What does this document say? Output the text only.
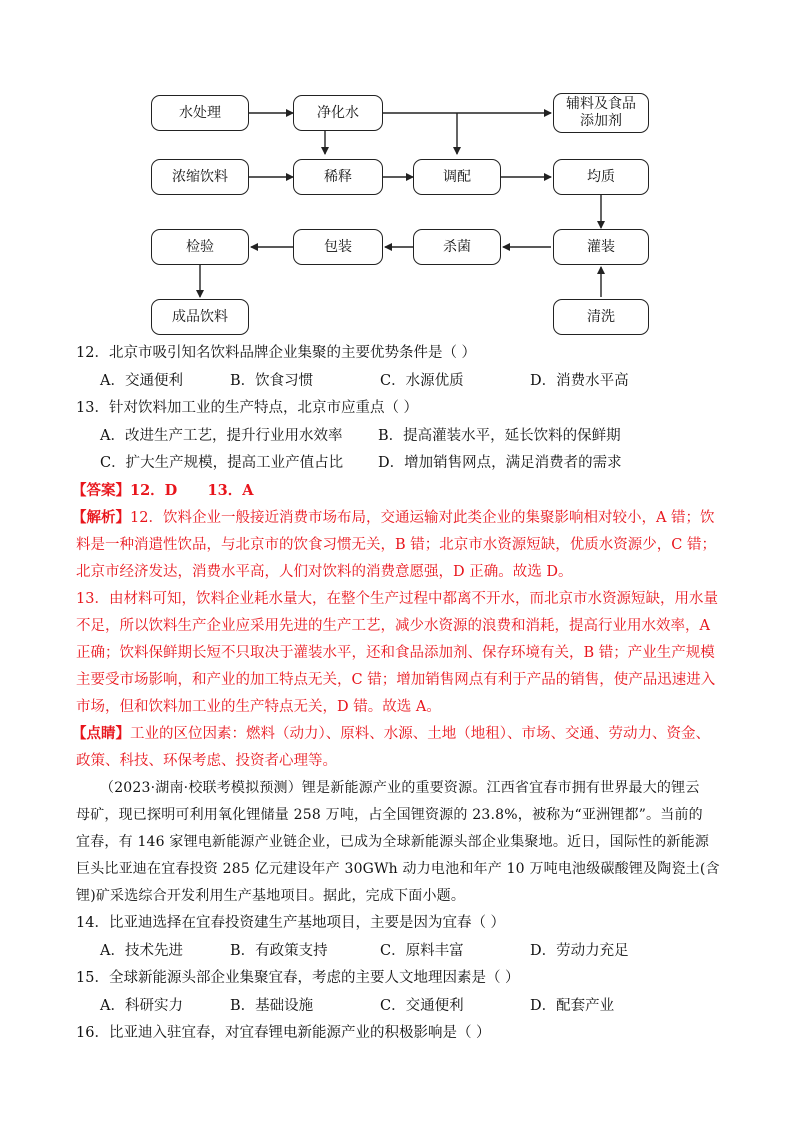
水处理	净化水
辅料及食品
添加剂
浓缩饮料	稀释	调配	均质
检验	包装	杀菌	灌装
成品饮料	清洗
12．北京市吸引知名饮料品牌企业集聚的主要优势条件是（ ）
A．交通便利	B．饮食习惯	C．水源优质	D．消费水平高
13．针对饮料加工业的生产特点，北京市应重点（ ）
A．改进生产工艺，提升行业用水效率	B．提高灌装水平，延长饮料的保鲜期
C．扩大生产规模，提高工业产值占比	D．增加销售网点，满足消费者的需求
【答案】12．D      13．A
【解析】12．饮料企业一般接近消费市场布局，交通运输对此类企业的集聚影响相对较小，A 错；饮
料是一种消遣性饮品，与北京市的饮食习惯无关，B 错；北京市水资源短缺，优质水资源少，C 错；
北京市经济发达，消费水平高，人们对饮料的消费意愿强，D 正确。故选 D。
13．由材料可知，饮料企业耗水量大，在整个生产过程中都离不开水，而北京市水资源短缺，用水量
不足，所以饮料生产企业应采用先进的生产工艺，减少水资源的浪费和消耗，提高行业用水效率，A
正确；饮料保鲜期长短不只取决于灌装水平，还和食品添加剂、保存环境有关，B 错；产业生产规模
主要受市场影响，和产业的加工特点无关，C 错；增加销售网点有利于产品的销售，使产品迅速进入
市场，但和饮料加工业的生产特点无关，D 错。故选 A。
【点睛】工业的区位因素：燃料（动力）、原料、水源、土地（地租）、市场、交通、劳动力、资金、
政策、科技、环保考虑、投资者心理等。
（2023·湖南·校联考模拟预测）锂是新能源产业的重要资源。江西省宜春市拥有世界最大的锂云
母矿，现已探明可利用氧化锂储量 258 万吨，占全国锂资源的 23.8%，被称为“亚洲锂都”。当前的
宜春，有 146 家锂电新能源产业链企业，已成为全球新能源头部企业集聚地。近日，国际性的新能源
巨头比亚迪在宜春投资 285 亿元建设年产 30GWh 动力电池和年产 10 万吨电池级碳酸锂及陶瓷土(含
锂)矿采选综合开发利用生产基地项目。据此，完成下面小题。
14．比亚迪选择在宜春投资建生产基地项目，主要是因为宜春（ ）
A．技术先进	B．有政策支持	C．原料丰富	D．劳动力充足
15．全球新能源头部企业集聚宜春，考虑的主要人文地理因素是（ ）
A．科研实力	B．基础设施	C．交通便利	D．配套产业
16．比亚迪入驻宜春，对宜春锂电新能源产业的积极影响是（ ）
